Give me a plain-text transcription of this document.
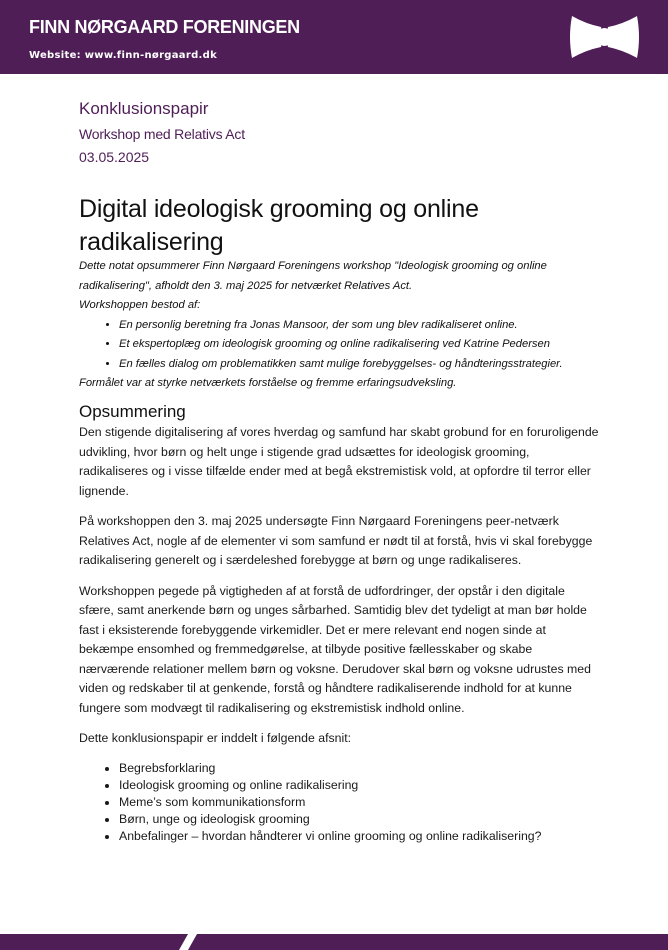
FINN NØRGAARD FORENINGEN
Website: www.finn-nørgaard.dk
Konklusionspapir
Workshop med Relativs Act
03.05.2025
Digital ideologisk grooming og online radikalisering

Dette notat opsummerer Finn Nørgaard Foreningens workshop "Ideologisk grooming og online radikalisering", afholdt den 3. maj 2025 for netværket Relatives Act.

Workshoppen bestod af:

• En personlig beretning fra Jonas Mansoor, der som ung blev radikaliseret online.
• Et ekspertoplæg om ideologisk grooming og online radikalisering ved Katrine Pedersen
• En fælles dialog om problematikken samt mulige forebyggelses- og håndteringsstrategier.

Formålet var at styrke netværkets forståelse og fremme erfaringsudveksling.

Opsummering

Den stigende digitalisering af vores hverdag og samfund har skabt grobund for en foruroligende udvikling, hvor børn og helt unge i stigende grad udsættes for ideologisk grooming, radikaliseres og i visse tilfælde ender med at begå ekstremistisk vold, at opfordre til terror eller lignende.

På workshoppen den 3. maj 2025 undersøgte Finn Nørgaard Foreningens peer-netværk Relatives Act, nogle af de elementer vi som samfund er nødt til at forstå, hvis vi skal forebygge radikalisering generelt og i særdeleshed forebygge at børn og unge radikaliseres.

Workshoppen pegede på vigtigheden af at forstå de udfordringer, der opstår i den digitale sfære, samt anerkende børn og unges sårbarhed. Samtidig blev det tydeligt at man bør holde fast i eksisterende forebyggende virkemidler. Det er mere relevant end nogen sinde at bekæmpe ensomhed og fremmedgørelse, at tilbyde positive fællesskaber og skabe nærværende relationer mellem børn og voksne. Derudover skal børn og voksne udrustes med viden og redskaber til at genkende, forstå og håndtere radikaliserende indhold for at kunne fungere som modvægt til radikalisering og ekstremistisk indhold online.

Dette konklusionspapir er inddelt i følgende afsnit:

• Begrebsforklaring
• Ideologisk grooming og online radikalisering
• Meme’s som kommunikationsform
• Børn, unge og ideologisk grooming
• Anbefalinger – hvordan håndterer vi online grooming og online radikalisering?
